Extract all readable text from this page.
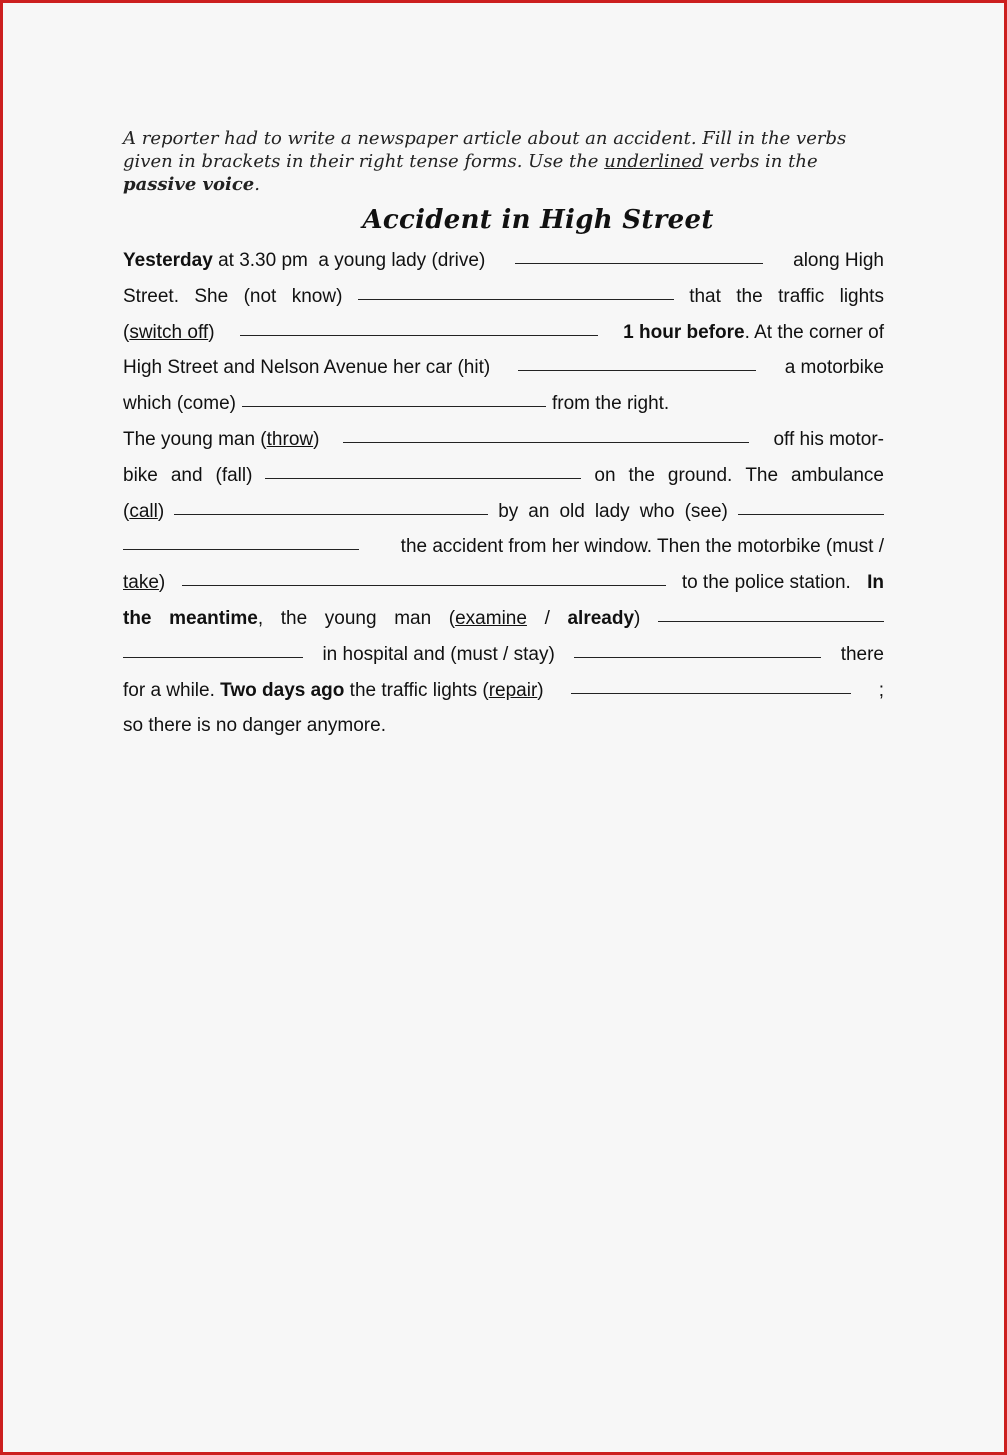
A reporter had to write a newspaper article about an accident. Fill in the verbs given in brackets in their right tense forms. Use the underlined verbs in the passive voice.
Accident in High Street
Yesterday at 3.30 pm a young lady (drive)	along High
Street. She (not know)	that the traffic lights
(switch off)	1 hour before. At the corner of
High Street and Nelson Avenue her car (hit)	a motorbike
which (come)	from the right.
The young man (throw)	off his motor-
bike and (fall)	on the ground. The ambulance
(call)	by an old lady who (see)
the accident from her window. Then the motorbike (must /
take)	to the police station. In
the meantime, the young man (examine / already)
in hospital and (must / stay)	there
for a while. Two days ago the traffic lights (repair)	;
so there is no danger anymore.
